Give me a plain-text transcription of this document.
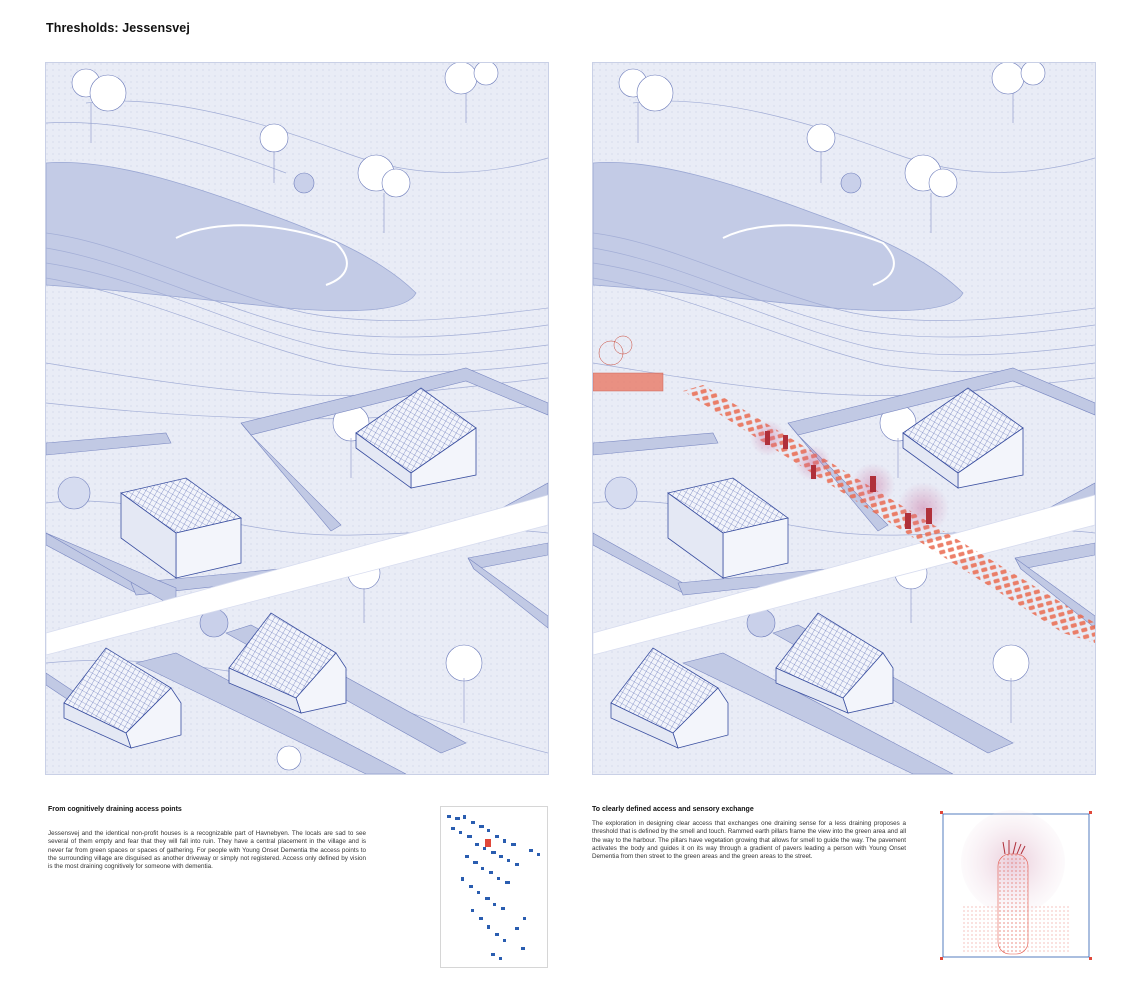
Thresholds: Jessensvej
From cognitively draining access points
Jessensvej and the identical non-profit houses is a recognizable part of Havnebyen. The locals are sad to see several of them empty and fear that they will fall into ruin. They have a central placement in the village and is never far from green spaces or spaces of gathering. For people with Young Onset Dementia the access points to the surrounding village are disguised as another driveway or simply not registered. Access only defined by vision is the most draining cognitively for someone with dementia.
To clearly defined access and sensory exchange
The exploration in designing clear access that exchanges one draining sense for a less draining proposes a threshold that is defined by the smell and touch. Rammed earth pillars frame the view into the green area and all the way to the harbour. The pillars have vegetation growing that allows for smell to guide the way. The pavement activates the body and guides it on its way through a gradient of pavers leading a person with Young Onset Dementia from then street to the green areas and the green areas to the street.
